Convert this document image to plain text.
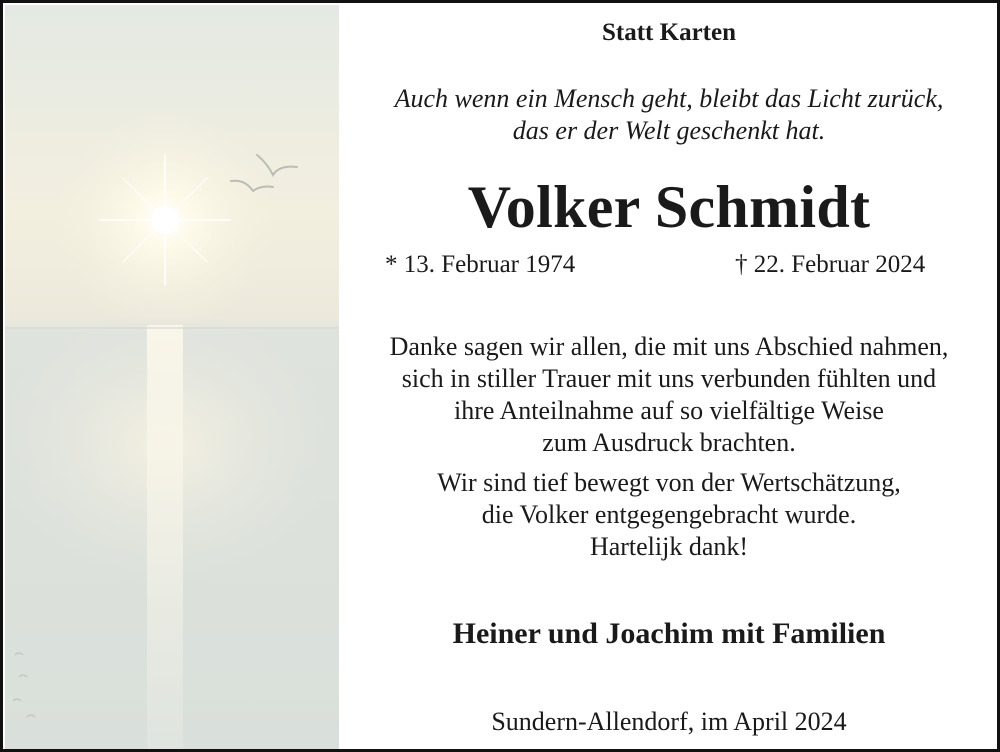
Statt Karten

Auch wenn ein Mensch geht, bleibt das Licht zurück,
das er der Welt geschenkt hat.

Volker Schmidt

* 13. Februar 1974	† 22. Februar 2024

Danke sagen wir allen, die mit uns Abschied nahmen,
sich in stiller Trauer mit uns verbunden fühlten und
ihre Anteilnahme auf so vielfältige Weise
zum Ausdruck brachten.
Wir sind tief bewegt von der Wertschätzung,
die Volker entgegengebracht wurde.
Hartelijk dank!

Heiner und Joachim mit Familien

Sundern-Allendorf, im April 2024
